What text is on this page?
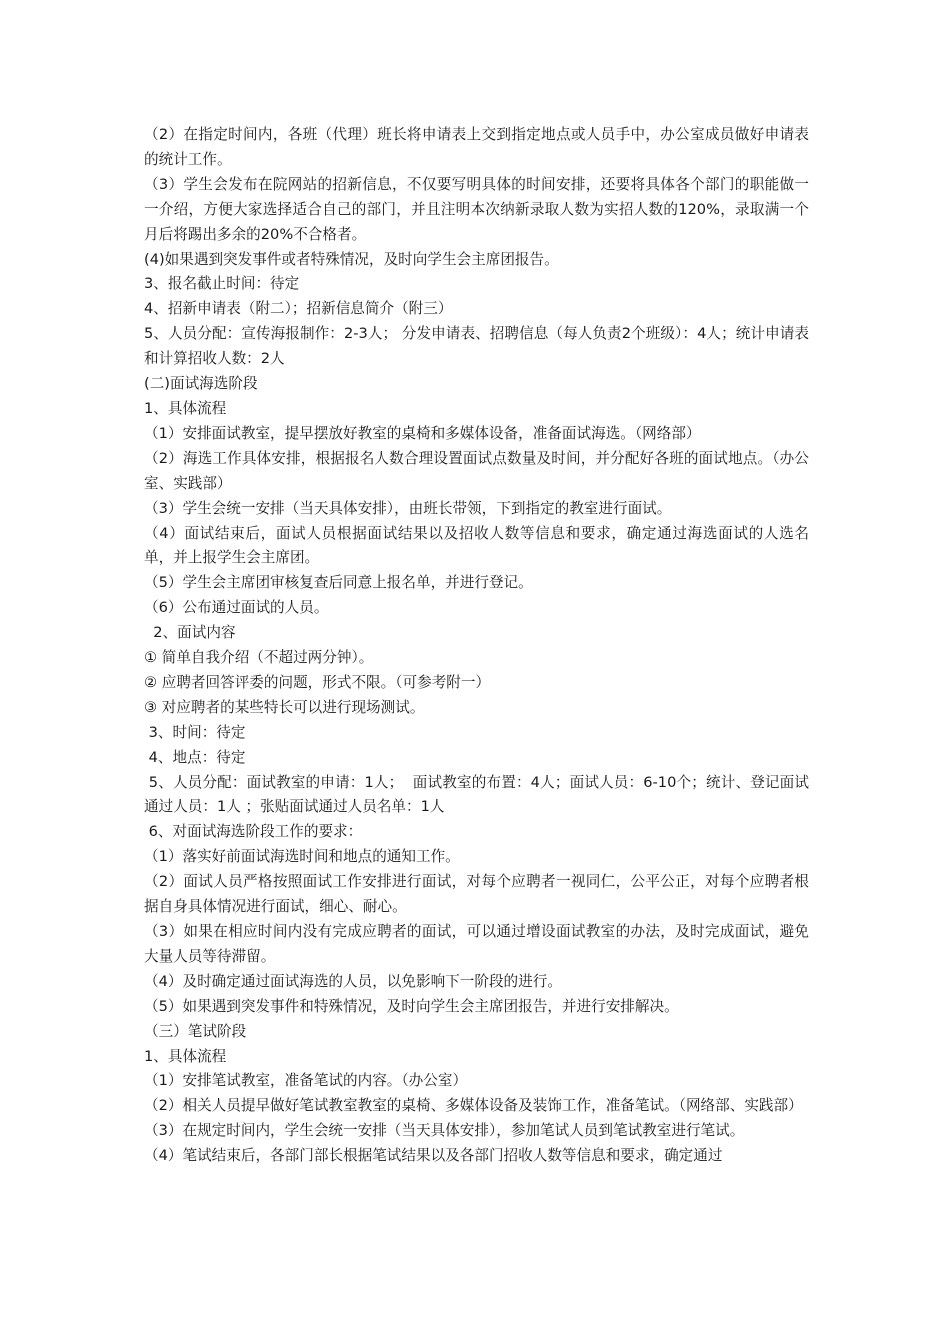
（2）在指定时间内，各班（代理）班长将申请表上交到指定地点或人员手中，办公室成员做好申请表的统计工作。

（3）学生会发布在院网站的招新信息，不仅要写明具体的时间安排，还要将具体各个部门的职能做一一介绍，方便大家选择适合自己的部门，并且注明本次纳新录取人数为实招人数的120%，录取满一个月后将踢出多余的20%不合格者。

(4)如果遇到突发事件或者特殊情况，及时向学生会主席团报告。

3、报名截止时间：待定

4、招新申请表（附二）；招新信息简介（附三）

5、人员分配：宣传海报制作：2-3人； 分发申请表、招聘信息（每人负责2个班级）：4人；统计申请表和计算招收人数：2人

(二)面试海选阶段

1、具体流程

（1）安排面试教室，提早摆放好教室的桌椅和多媒体设备，准备面试海选。（网络部）

（2）海选工作具体安排，根据报名人数合理设置面试点数量及时间，并分配好各班的面试地点。（办公室、实践部）

（3）学生会统一安排（当天具体安排），由班长带领，下到指定的教室进行面试。

（4）面试结束后，面试人员根据面试结果以及招收人数等信息和要求，确定通过海选面试的人选名单，并上报学生会主席团。

（5）学生会主席团审核复查后同意上报名单，并进行登记。

（6）公布通过面试的人员。

2、面试内容

① 简单自我介绍（不超过两分钟）。

② 应聘者回答评委的问题，形式不限。（可参考附一）

③ 对应聘者的某些特长可以进行现场测试。

3、时间：待定

4、地点：待定

5、人员分配：面试教室的申请：1人；  面试教室的布置：4人；面试人员：6-10个；统计、登记面试通过人员：1人 ；张贴面试通过人员名单：1人

6、对面试海选阶段工作的要求：

（1）落实好前面试海选时间和地点的通知工作。

（2）面试人员严格按照面试工作安排进行面试，对每个应聘者一视同仁，公平公正，对每个应聘者根据自身具体情况进行面试，细心、耐心。

（3）如果在相应时间内没有完成应聘者的面试，可以通过增设面试教室的办法，及时完成面试，避免大量人员等待滞留。

（4）及时确定通过面试海选的人员，以免影响下一阶段的进行。

（5）如果遇到突发事件和特殊情况，及时向学生会主席团报告，并进行安排解决。

（三）笔试阶段

1、具体流程

（1）安排笔试教室，准备笔试的内容。（办公室）

（2）相关人员提早做好笔试教室教室的桌椅、多媒体设备及装饰工作，准备笔试。（网络部、实践部）

（3）在规定时间内，学生会统一安排（当天具体安排），参加笔试人员到笔试教室进行笔试。

（4）笔试结束后，各部门部长根据笔试结果以及各部门招收人数等信息和要求，确定通过
